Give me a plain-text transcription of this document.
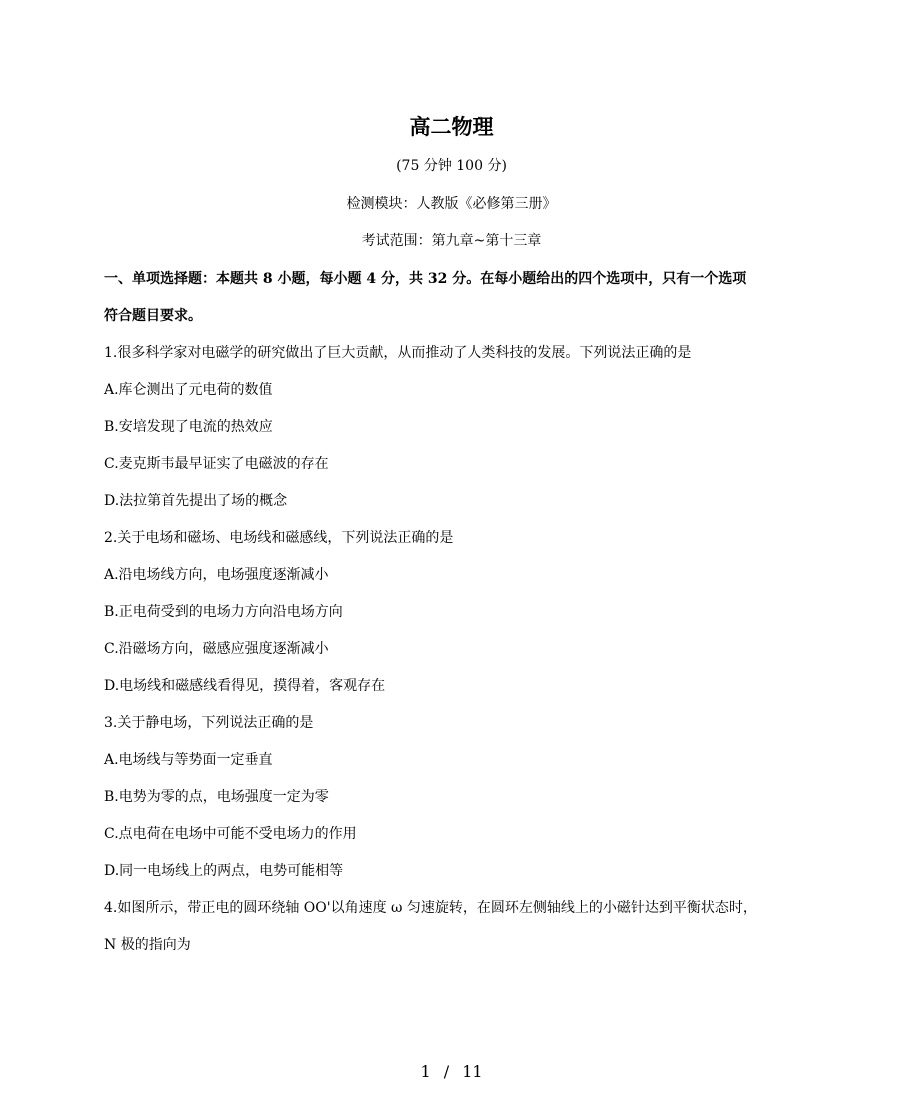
高二物理
(75 分钟 100 分)
检测模块：人教版《必修第三册》
考试范围：第九章~第十三章
一、单项选择题：本题共 8 小题，每小题 4 分，共 32 分。在每小题给出的四个选项中，只有一个选项
符合题目要求。
1.很多科学家对电磁学的研究做出了巨大贡献，从而推动了人类科技的发展。下列说法正确的是
A.库仑测出了元电荷的数值
B.安培发现了电流的热效应
C.麦克斯韦最早证实了电磁波的存在
D.法拉第首先提出了场的概念
2.关于电场和磁场、电场线和磁感线，下列说法正确的是
A.沿电场线方向，电场强度逐渐减小
B.正电荷受到的电场力方向沿电场方向
C.沿磁场方向，磁感应强度逐渐减小
D.电场线和磁感线看得见，摸得着，客观存在
3.关于静电场，下列说法正确的是
A.电场线与等势面一定垂直
B.电势为零的点，电场强度一定为零
C.点电荷在电场中可能不受电场力的作用
D.同一电场线上的两点，电势可能相等
4.如图所示，带正电的圆环绕轴 OO'以角速度 ω 匀速旋转，在圆环左侧轴线上的小磁针达到平衡状态时，
N 极的指向为
1 / 11
